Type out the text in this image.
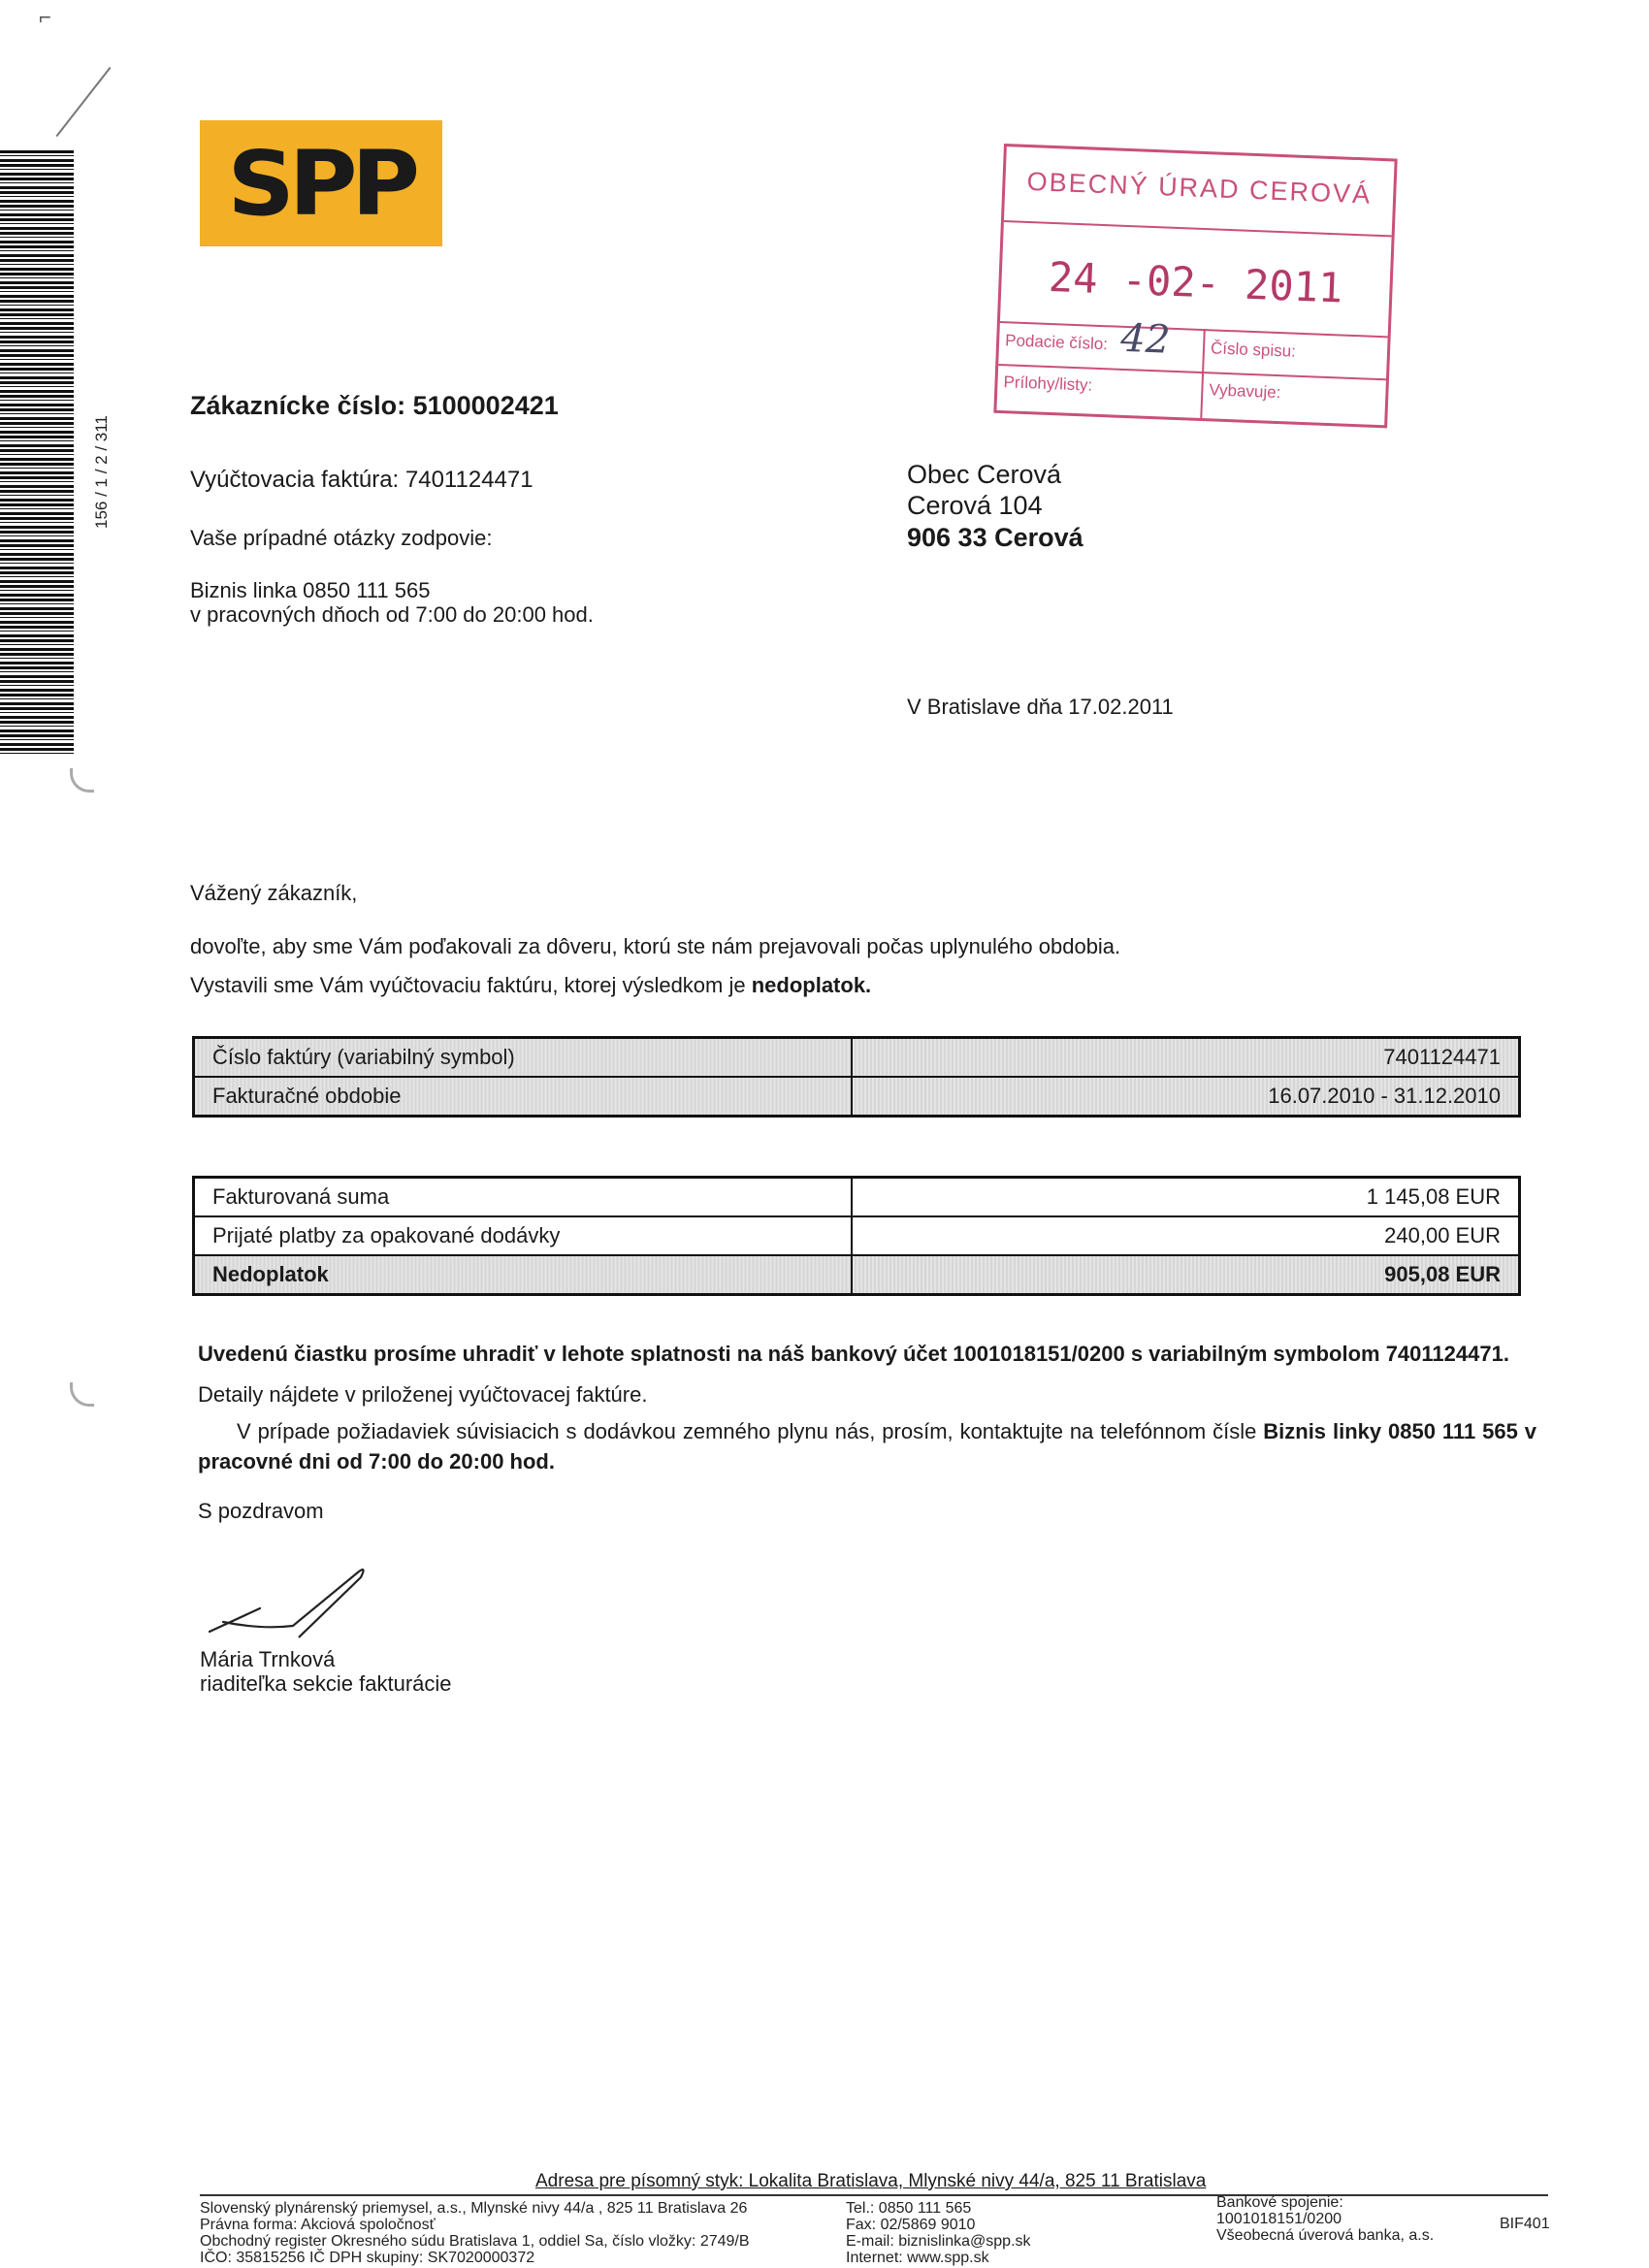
⌐
156 / 1 / 2 / 311
SPP	OBECNÝ ÚRAD CEROVÁ
24 -02- 2011
Podacie číslo: 42 Číslo spisu:
Prílohy/listy:	Vybavuje:
Zákaznícke číslo: 5100002421
Vyúčtovacia faktúra: 7401124471
Vaše prípadné otázky zodpovie:
Biznis linka 0850 111 565
v pracovných dňoch od 7:00 do 20:00 hod.
Obec Cerová
Cerová 104
906 33 Cerová
V Bratislave dňa 17.02.2011
Vážený zákazník,
dovoľte, aby sme Vám poďakovali za dôveru, ktorú ste nám prejavovali počas uplynulého obdobia.
Vystavili sme Vám vyúčtovaciu faktúru, ktorej výsledkom je nedoplatok.
Číslo faktúry (variabilný symbol)	7401124471
Fakturačné obdobie	16.07.2010 - 31.12.2010
Fakturovaná suma	1 145,08 EUR
Prijaté platby za opakované dodávky	240,00 EUR
Nedoplatok	905,08 EUR
Uvedenú čiastku prosíme uhradiť v lehote splatnosti na náš bankový účet 1001018151/0200 s variabilným symbolom 7401124471.
Detaily nájdete v priloženej vyúčtovacej faktúre.
V prípade požiadaviek súvisiacich s dodávkou zemného plynu nás, prosím, kontaktujte na telefónnom čísle Biznis linky 0850 111 565 v pracovné dni od 7:00 do 20:00 hod.
S pozdravom
Mária Trnková
riaditeľka sekcie fakturácie
Adresa pre písomný styk: Lokalita Bratislava, Mlynské nivy 44/a, 825 11 Bratislava
Slovenský plynárenský priemysel, a.s., Mlynské nivy 44/a , 825 11 Bratislava 26
Právna forma: Akciová spoločnosť
Obchodný register Okresného súdu Bratislava 1, oddiel Sa, číslo vložky: 2749/B
IČO: 35815256 IČ DPH skupiny: SK7020000372
Tel.: 0850 111 565
Fax: 02/5869 9010
E-mail: biznislinka@spp.sk
Internet: www.spp.sk
Bankové spojenie:
1001018151/0200
Všeobecná úverová banka, a.s.
BIF401
